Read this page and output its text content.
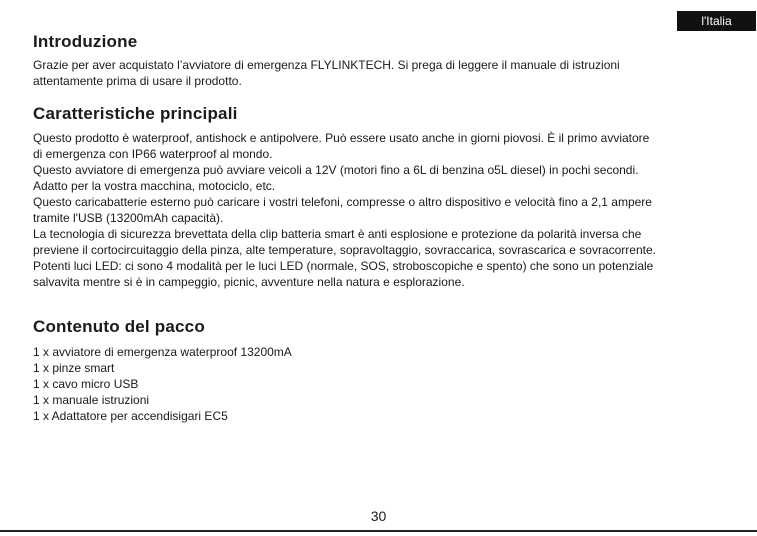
l'Italia
Introduzione

Grazie per aver acquistato l’avviatore di emergenza FLYLINKTECH. Si prega di leggere il manuale di istruzioni
attentamente prima di usare il prodotto.

Caratteristiche principali

Questo prodotto è waterproof, antishock e antipolvere. Può essere usato anche in giorni piovosi. È il primo avviatore
di emergenza con IP66 waterproof al mondo.
Questo avviatore di emergenza può avviare veicoli a 12V (motori fino a 6L di benzina o5L diesel) in pochi secondi.
Adatto per la vostra macchina, motociclo, etc.
Questo caricabatterie esterno può caricare i vostri telefoni, compresse o altro dispositivo e velocità fino a 2,1 ampere
tramite l'USB (13200mAh capacità).
La tecnologia di sicurezza brevettata della clip batteria smart è anti esplosione e protezione da polarità inversa che
previene il cortocircuitaggio della pinza, alte temperature, sopravoltaggio, sovraccarica, sovrascarica e sovracorrente.
Potenti luci LED: ci sono 4 modalità per le luci LED (normale, SOS, stroboscopiche e spento) che sono un potenziale
salvavita mentre si è in campeggio, picnic, avventure nella natura e esplorazione.

Contenuto del pacco
1 x avviatore di emergenza waterproof 13200mA
1 x pinze smart
1 x cavo micro USB
1 x manuale istruzioni
1 x Adattatore per accendisigari EC5
30
